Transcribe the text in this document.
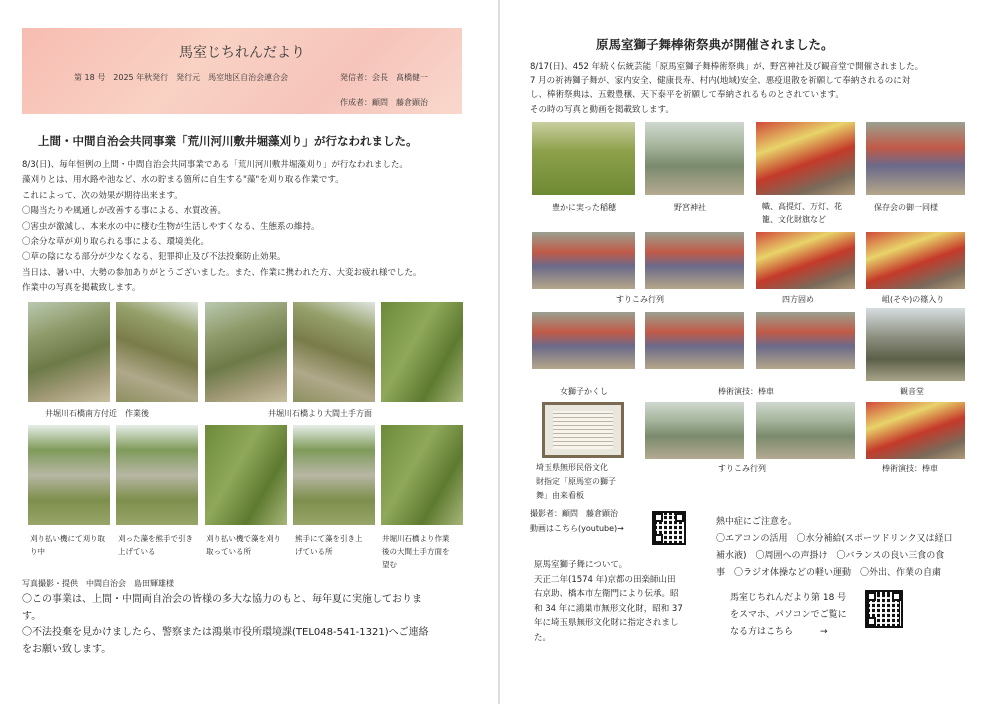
馬室じちれんだより
第 18 号　2025 年秋発行　発行元　馬室地区自治会連合会	発信者：会長　髙橋健一
作成者：顧問　藤倉顕治
上間・中間自治会共同事業「荒川河川敷井堀藻刈り」が行なわれました。
8/3(日)、毎年恒例の上間・中間自治会共同事業である「荒川河川敷井堀藻刈り」が行なわれました。
藻刈りとは、用水路や池など、水の貯まる箇所に自生する"藻"を刈り取る作業です。
これによって、次の効果が期待出来ます。
〇陽当たりや風通しが改善する事による、水質改善。
〇害虫が激減し、本来水の中に棲む生物が生活しやすくなる、生態系の維持。
〇余分な草が刈り取られる事による、環境美化。
〇草の陰になる部分が少なくなる、犯罪抑止及び不法投棄防止効果。
当日は、暑い中、大勢の参加ありがとうございました。また、作業に携われた方、大変お疲れ様でした。
作業中の写真を掲載致します。
井堀川石橋南方付近　作業後	井堀川石橋より大間土手方面
刈り払い機にて刈り取
り中
刈った藻を熊手で引き
上げている
刈り払い機で藻を刈り
取っている所
熊手にて藻を引き上
げている所
井堀川石橋より作業
後の大間土手方面を
望む
写真撮影・提供　中間自治会　島田輝雄様
〇この事業は、上間・中間両自治会の皆様の多大な協力のもと、毎年夏に実施しておりま
す。
〇不法投棄を見かけましたら、警察または鴻巣市役所環境課(TEL048-541-1321)へご連絡
をお願い致します。
原馬室獅子舞棒術祭典が開催されました。
8/17(日)、452 年続く伝統芸能「原馬室獅子舞棒術祭典」が、野宮神社及び観音堂で開催されました。
7 月の祈祷獅子舞が、家内安全、健康長寿、村内(地域)安全、悪疫退散を祈願して奉納されるのに対
し、棒術祭典は、五穀豊穣、天下泰平を祈願して奉納されるものとされています。
その時の写真と動画を掲載致します。
豊かに実った稲穂	野宮神社	幟、高提灯、万灯、花
籠、文化財旗など
保存会の御一同様
すりこみ行列	四方固め	岨(そや)の篠入り
女獅子かくし	棒術演技：棒車	観音堂
埼玉県無形民俗文化
財指定「原馬室の獅子
舞」由来看板
すりこみ行列	棒術演技：棒車
撮影者：顧問　藤倉顕治
動画はこちら(youtube)→
原馬室獅子舞について。
天正二年(1574 年)京都の田楽師山田
右京助、橋本市左衛門により伝承。昭
和 34 年に鴻巣市無形文化財，昭和 37
年に埼玉県無形文化財に指定されまし
た。
熱中症にご注意を。
〇エアコンの活用　〇水分補給(スポーツドリンク又は経口
補水液)　〇周囲への声掛け　〇バランスの良い三食の食
事　〇ラジオ体操などの軽い運動　〇外出、作業の自粛
馬室じちれんだより第 18 号
をスマホ、パソコンでご覧に
なる方はこちら　　　→
